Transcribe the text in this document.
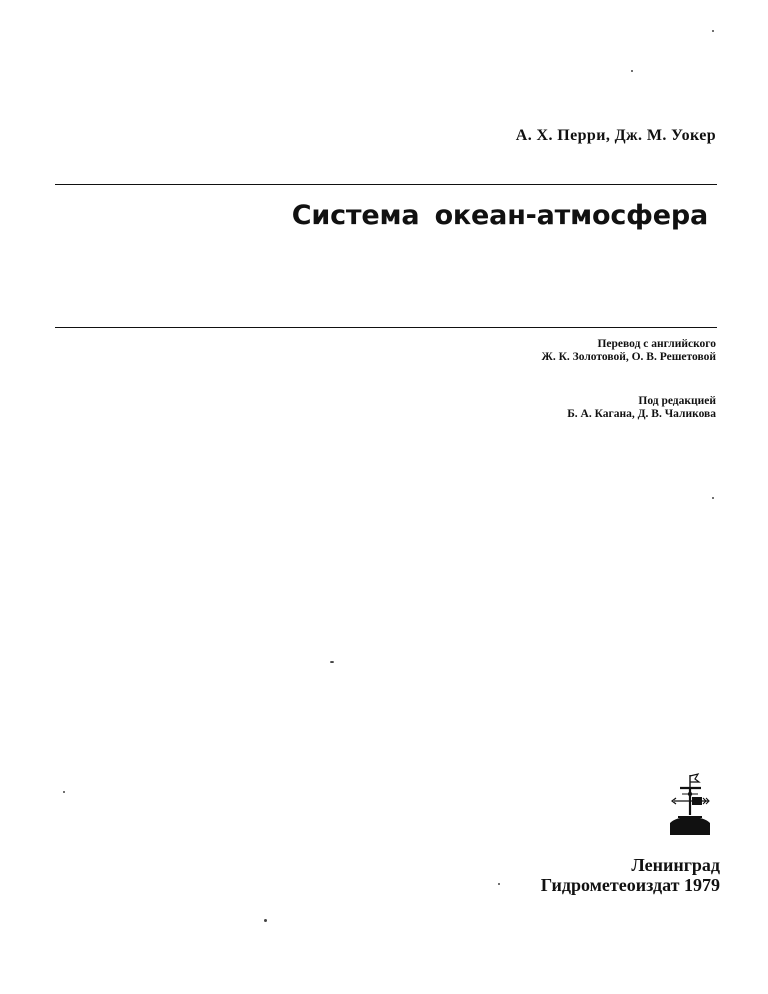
А. Х. Перри, Дж. М. Уокер
Система океан-атмосфера
Перевод с английского
Ж. К. Золотовой, О. В. Решетовой
Под редакцией
Б. А. Кагана, Д. В. Чаликова
Ленинград
Гидрометеоиздат 1979
